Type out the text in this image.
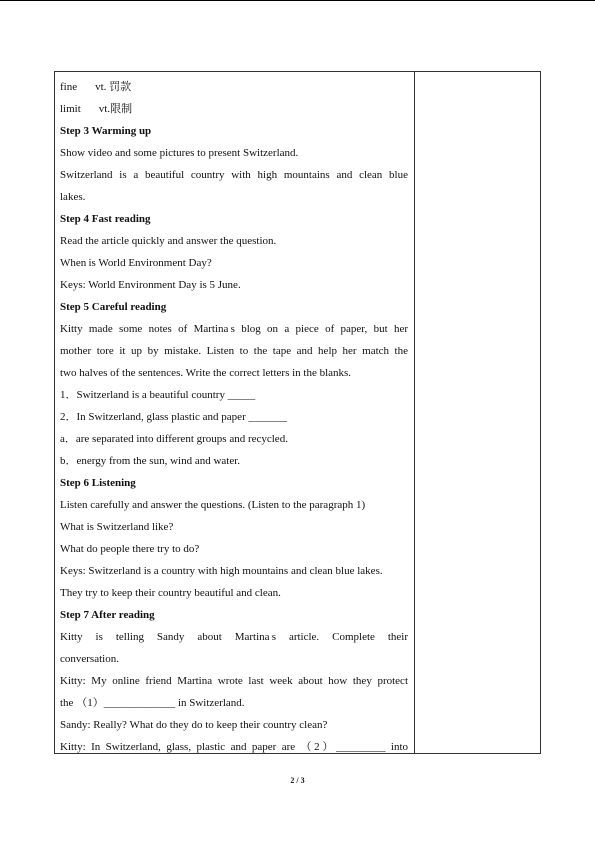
fine vt. 罚款
limit vt.限制
Step 3 Warming up
Show video and some pictures to present Switzerland.
Switzerland is a beautiful country with high mountains and clean blue
lakes.
Step 4 Fast reading
Read the article quickly and answer the question.
When is World Environment Day?
Keys: World Environment Day is 5 June.
Step 5 Careful reading
Kitty made some notes of Martina s blog on a piece of paper, but her
mother tore it up by mistake. Listen to the tape and help her match the
two halves of the sentences. Write the correct letters in the blanks.
1．Switzerland is a beautiful country _____
2．In Switzerland, glass plastic and paper _______
a．are separated into different groups and recycled.
b．energy from the sun, wind and water.
Step 6 Listening
Listen carefully and answer the questions. (Listen to the paragraph 1)
What is Switzerland like?
What do people there try to do?
Keys: Switzerland is a country with high mountains and clean blue lakes.
They try to keep their country beautiful and clean.
Step 7 After reading
Kitty is telling Sandy about Martina s article. Complete their
conversation.
Kitty: My online friend Martina wrote last week about how they protect
the （1）_____________ in Switzerland.
Sandy: Really? What do they do to keep their country clean?
Kitty: In Switzerland, glass, plastic and paper are （2）_________ into
2 / 3
